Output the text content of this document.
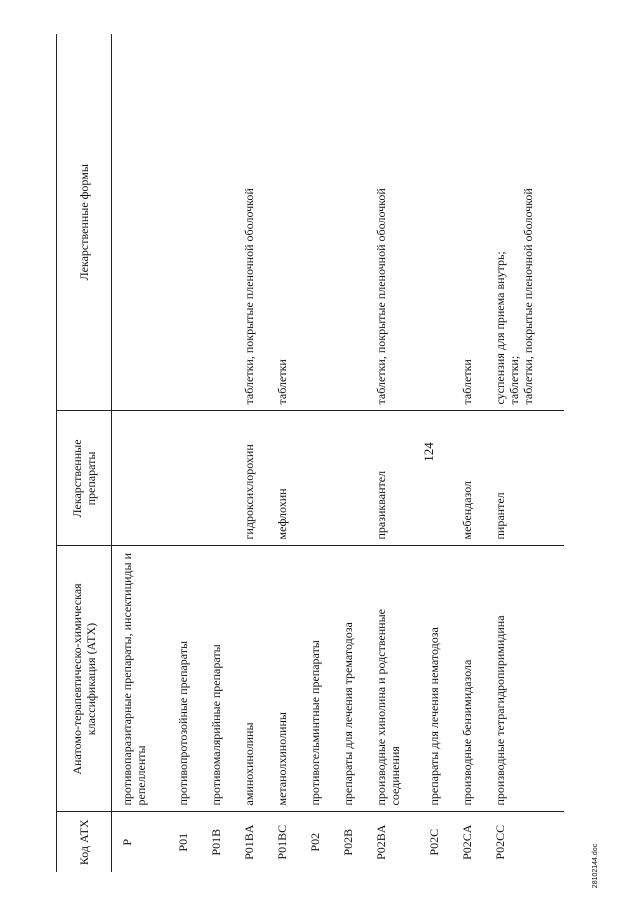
124
Код АТХ	Анатомо-терапевтическо-химическая классификация (АТХ)	Лекарственные препараты	Лекарственные формы
P	противопаразитарные препараты, инсектициды и репелленты		
P01	противопротозойные препараты		
P01B	противомалярийные препараты		
P01BA	аминохинолины	гидроксихлорохин	таблетки, покрытые пленочной оболочкой

P01BC	метанолхинолины	мефлохин	таблетки

P02	противогельминтные препараты		
P02B	препараты для лечения трематодоза		
P02BA	производные хинолина и родственные соединения	празиквантел	таблетки, покрытые пленочной оболочкой

P02C	препараты для лечения нематодоза		
P02CA	производные бензимидазола	мебендазол	таблетки

P02CC	производные тетрагидропиримидина	пирантел	суспензия для приема внутрь; таблетки; таблетки, покрытые пленочной оболочкой
28102144.doc
